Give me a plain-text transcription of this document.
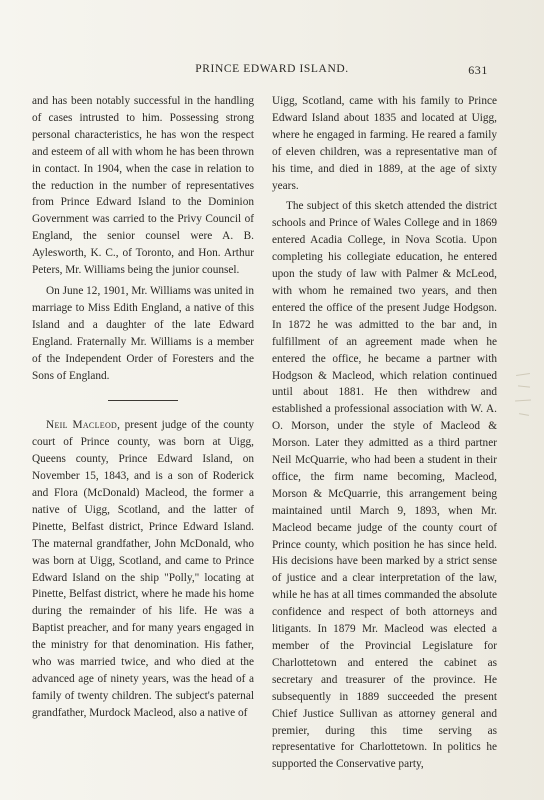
PRINCE EDWARD ISLAND.	631

and has been notably successful in the handling of cases intrusted to him. Possessing strong personal characteristics, he has won the respect and esteem of all with whom he has been thrown in contact. In 1904, when the case in relation to the reduction in the number of representatives from Prince Edward Island to the Dominion Government was carried to the Privy Council of England, the senior counsel were A. B. Aylesworth, K. C., of Toronto, and Hon. Arthur Peters, Mr. Williams being the junior counsel.

On June 12, 1901, Mr. Williams was united in marriage to Miss Edith England, a native of this Island and a daughter of the late Edward England. Fraternally Mr. Williams is a member of the Independent Order of Foresters and the Sons of England.

Neil Macleod, present judge of the county court of Prince county, was born at Uigg, Queens county, Prince Edward Island, on November 15, 1843, and is a son of Roderick and Flora (McDonald) Macleod, the former a native of Uigg, Scotland, and the latter of Pinette, Belfast district, Prince Edward Island. The maternal grandfather, John McDonald, who was born at Uigg, Scotland, and came to Prince Edward Island on the ship "Polly," locating at Pinette, Belfast district, where he made his home during the remainder of his life. He was a Baptist preacher, and for many years engaged in the ministry for that denomination. His father, who was married twice, and who died at the advanced age of ninety years, was the head of a family of twenty children. The subject's paternal grandfather, Murdock Macleod, also a native of

Uigg, Scotland, came with his family to Prince Edward Island about 1835 and located at Uigg, where he engaged in farming. He reared a family of eleven children, was a representative man of his time, and died in 1889, at the age of sixty years.

The subject of this sketch attended the district schools and Prince of Wales College and in 1869 entered Acadia College, in Nova Scotia. Upon completing his collegiate education, he entered upon the study of law with Palmer & McLeod, with whom he remained two years, and then entered the office of the present Judge Hodgson. In 1872 he was admitted to the bar and, in fulfillment of an agreement made when he entered the office, he became a partner with Hodgson & Macleod, which relation continued until about 1881. He then withdrew and established a professional association with W. A. O. Morson, under the style of Macleod & Morson. Later they admitted as a third partner Neil McQuarrie, who had been a student in their office, the firm name becoming, Macleod, Morson & McQuarrie, this arrangement being maintained until March 9, 1893, when Mr. Macleod became judge of the county court of Prince county, which position he has since held. His decisions have been marked by a strict sense of justice and a clear interpretation of the law, while he has at all times commanded the absolute confidence and respect of both attorneys and litigants. In 1879 Mr. Macleod was elected a member of the Provincial Legislature for Charlottetown and entered the cabinet as secretary and treasurer of the province. He subsequently in 1889 succeeded the present Chief Justice Sullivan as attorney general and premier, during this time serving as representative for Charlottetown. In politics he supported the Conservative party,
